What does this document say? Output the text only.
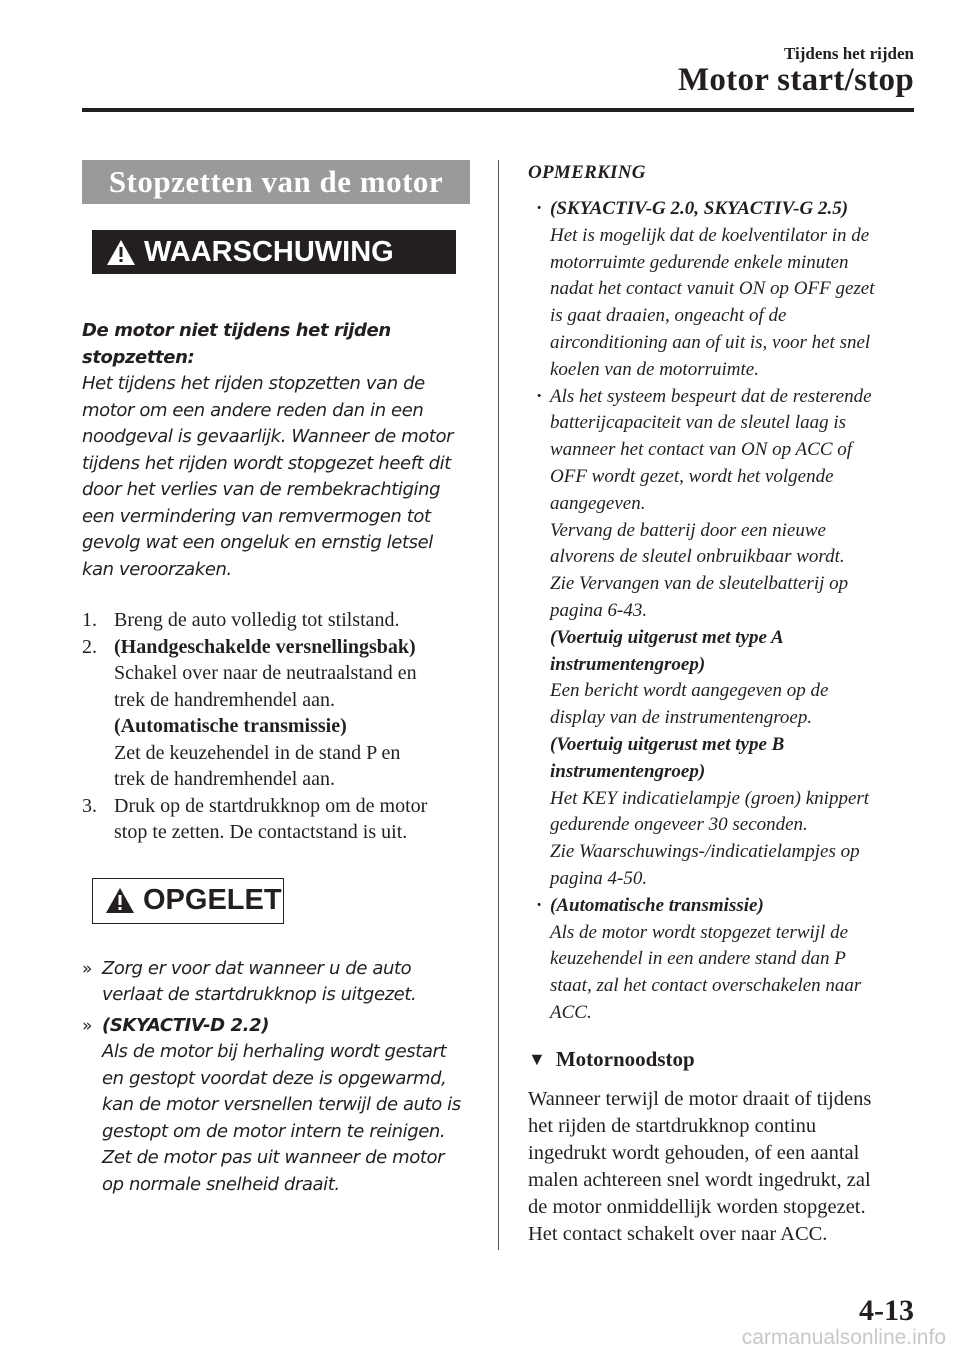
Tijdens het rijden
Motor start/stop
Stopzetten van de motor
WAARSCHUWING
De motor niet tijdens het rijden stopzetten:
Het tijdens het rijden stopzetten van de
motor om een andere reden dan in een
noodgeval is gevaarlijk. Wanneer de motor
tijdens het rijden wordt stopgezet heeft dit
door het verlies van de rembekrachtiging
een vermindering van remvermogen tot
gevolg wat een ongeluk en ernstig letsel
kan veroorzaken.
1. Breng de auto volledig tot stilstand.
2. (Handgeschakelde versnellingsbak)
Schakel over naar de neutraalstand en
trek de handremhendel aan.
(Automatische transmissie)
Zet de keuzehendel in de stand P en
trek de handremhendel aan.
3. Druk op de startdrukknop om de motor
stop te zetten. De contactstand is uit.
OPGELET
» Zorg er voor dat wanneer u de auto
verlaat de startdrukknop is uitgezet.
» (SKYACTIV-D 2.2)
Als de motor bij herhaling wordt gestart
en gestopt voordat deze is opgewarmd,
kan de motor versnellen terwijl de auto is
gestopt om de motor intern te reinigen.
Zet de motor pas uit wanneer de motor
op normale snelheid draait.
OPMERKING
· (SKYACTIV-G 2.0, SKYACTIV-G 2.5)
Het is mogelijk dat de koelventilator in de
motorruimte gedurende enkele minuten
nadat het contact vanuit ON op OFF gezet
is gaat draaien, ongeacht of de
airconditioning aan of uit is, voor het snel
koelen van de motorruimte.
· Als het systeem bespeurt dat de resterende
batterijcapaciteit van de sleutel laag is
wanneer het contact van ON op ACC of
OFF wordt gezet, wordt het volgende
aangegeven.
Vervang de batterij door een nieuwe
alvorens de sleutel onbruikbaar wordt.
Zie Vervangen van de sleutelbatterij op
pagina 6-43.
(Voertuig uitgerust met type A
instrumentengroep)
Een bericht wordt aangegeven op de
display van de instrumentengroep.
(Voertuig uitgerust met type B
instrumentengroep)
Het KEY indicatielampje (groen) knippert
gedurende ongeveer 30 seconden.
Zie Waarschuwings-/indicatielampjes op
pagina 4-50.
· (Automatische transmissie)
Als de motor wordt stopgezet terwijl de
keuzehendel in een andere stand dan P
staat, zal het contact overschakelen naar
ACC.
▼ Motornoodstop
Wanneer terwijl de motor draait of tijdens
het rijden de startdrukknop continu
ingedrukt wordt gehouden, of een aantal
malen achtereen snel wordt ingedrukt, zal
de motor onmiddellijk worden stopgezet.
Het contact schakelt over naar ACC.
4-13
carmanualsonline.info
